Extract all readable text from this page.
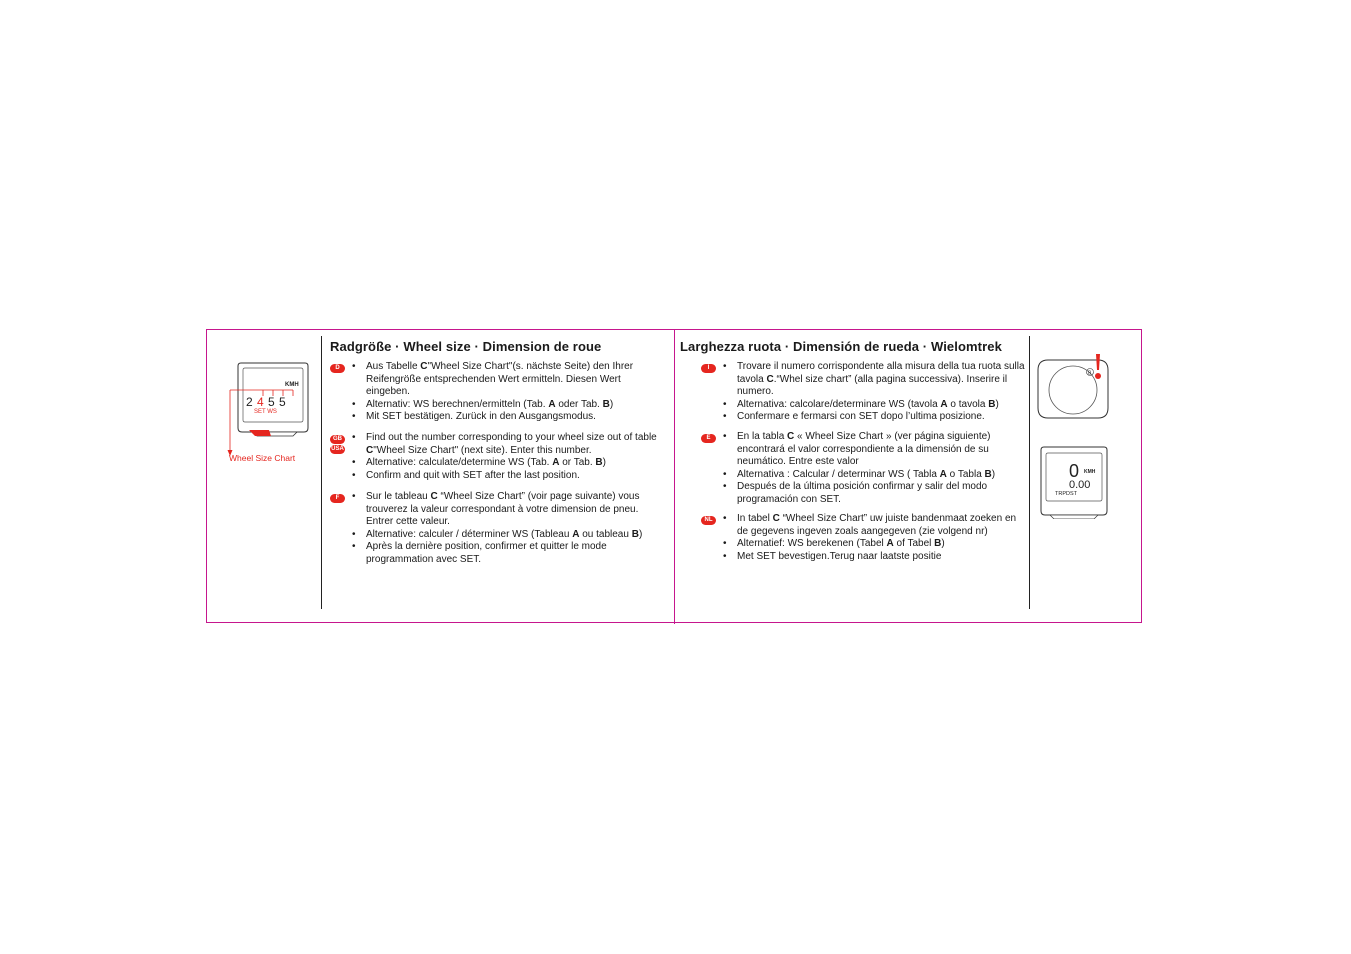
KMH
2 4 5 5
SET WS
Wheel Size Chart
Radgröße · Wheel size · Dimension de roue
D	• Aus Tabelle C"Wheel Size Chart"(s. nächste Seite) den Ihrer Reifengröße entsprechenden Wert ermitteln. Diesen Wert eingeben.
• Alternativ: WS berechnen/ermitteln (Tab. A oder Tab. B)
• Mit SET bestätigen. Zurück in den Ausgangsmodus.
GB
USA
• Find out the number corresponding to your wheel size out of table C"Wheel Size Chart" (next site). Enter this number.
• Alternative: calculate/determine WS (Tab. A or Tab. B)
• Confirm and quit with SET after the last position.
F	• Sur le tableau C “Wheel Size Chart” (voir page suivante) vous trouverez la valeur correspondant à votre dimension de pneu. Entrer cette valeur.
• Alternative: calculer / déterminer WS (Tableau A ou tableau B)
• Après la dernière position, confirmer et quitter le mode programmation avec SET.
Larghezza ruota · Dimensión de rueda · Wielomtrek
I	• Trovare il numero corrispondente alla misura della tua ruota sulla tavola C.“Whel size chart” (alla pagina successiva). Inserire il numero.
• Alternativa: calcolare/determinare WS (tavola A o tavola B)
• Confermare e fermarsi con SET dopo l’ultima posizione.
E	• En la tabla C « Wheel Size Chart » (ver página siguiente) encontrará el valor correspondiente a la dimensión de su neumático. Entre este valor
• Alternativa : Calcular / determinar WS ( Tabla A o Tabla B)
• Después de la última posición confirmar y salir del modo programación con SET.
NL	• In tabel C “Wheel Size Chart” uw juiste bandenmaat zoeken en de gegevens ingeven zoals aangegeven (zie volgend nr)
• Alternatief: WS berekenen (Tabel A of Tabel B)
• Met SET bevestigen.Terug naar laatste positie
B
0 KMH
0.00
TRPDST
